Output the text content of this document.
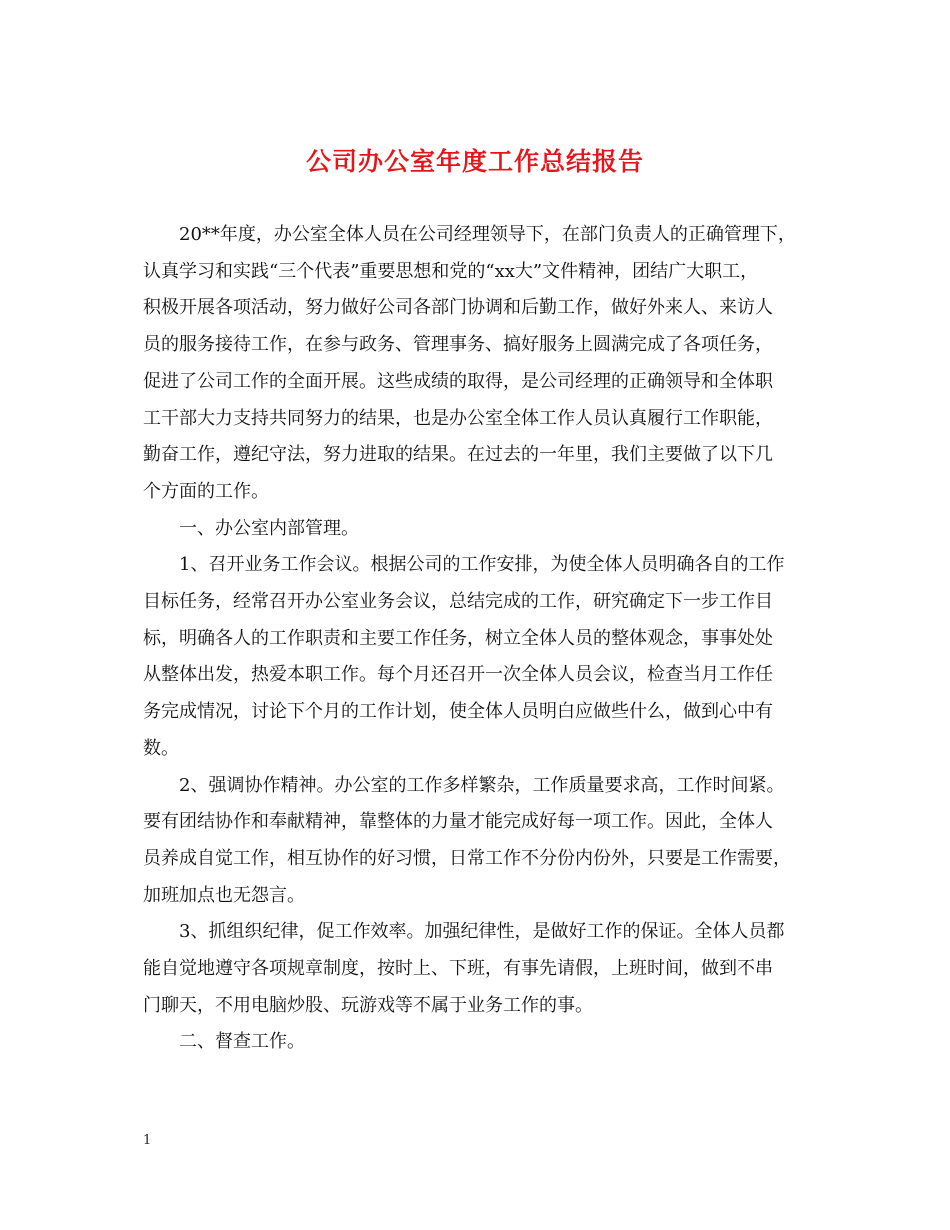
公司办公室年度工作总结报告

20**年度，办公室全体人员在公司经理领导下，在部门负责人的正确管理下，
认真学习和实践“三个代表”重要思想和党的“xx大”文件精神，团结广大职工，
积极开展各项活动，努力做好公司各部门协调和后勤工作，做好外来人、来访人
员的服务接待工作，在参与政务、管理事务、搞好服务上圆满完成了各项任务，
促进了公司工作的全面开展。这些成绩的取得，是公司经理的正确领导和全体职
工干部大力支持共同努力的结果，也是办公室全体工作人员认真履行工作职能，
勤奋工作，遵纪守法，努力进取的结果。在过去的一年里，我们主要做了以下几
个方面的工作。

一、办公室内部管理。

1、召开业务工作会议。根据公司的工作安排，为使全体人员明确各自的工作
目标任务，经常召开办公室业务会议，总结完成的工作，研究确定下一步工作目
标，明确各人的工作职责和主要工作任务，树立全体人员的整体观念，事事处处
从整体出发，热爱本职工作。每个月还召开一次全体人员会议，检查当月工作任
务完成情况，讨论下个月的工作计划，使全体人员明白应做些什么，做到心中有
数。

2、强调协作精神。办公室的工作多样繁杂，工作质量要求高，工作时间紧。
要有团结协作和奉献精神，靠整体的力量才能完成好每一项工作。因此，全体人
员养成自觉工作，相互协作的好习惯，日常工作不分份内份外，只要是工作需要，
加班加点也无怨言。

3、抓组织纪律，促工作效率。加强纪律性，是做好工作的保证。全体人员都
能自觉地遵守各项规章制度，按时上、下班，有事先请假，上班时间，做到不串
门聊天，不用电脑炒股、玩游戏等不属于业务工作的事。

二、督查工作。

1
